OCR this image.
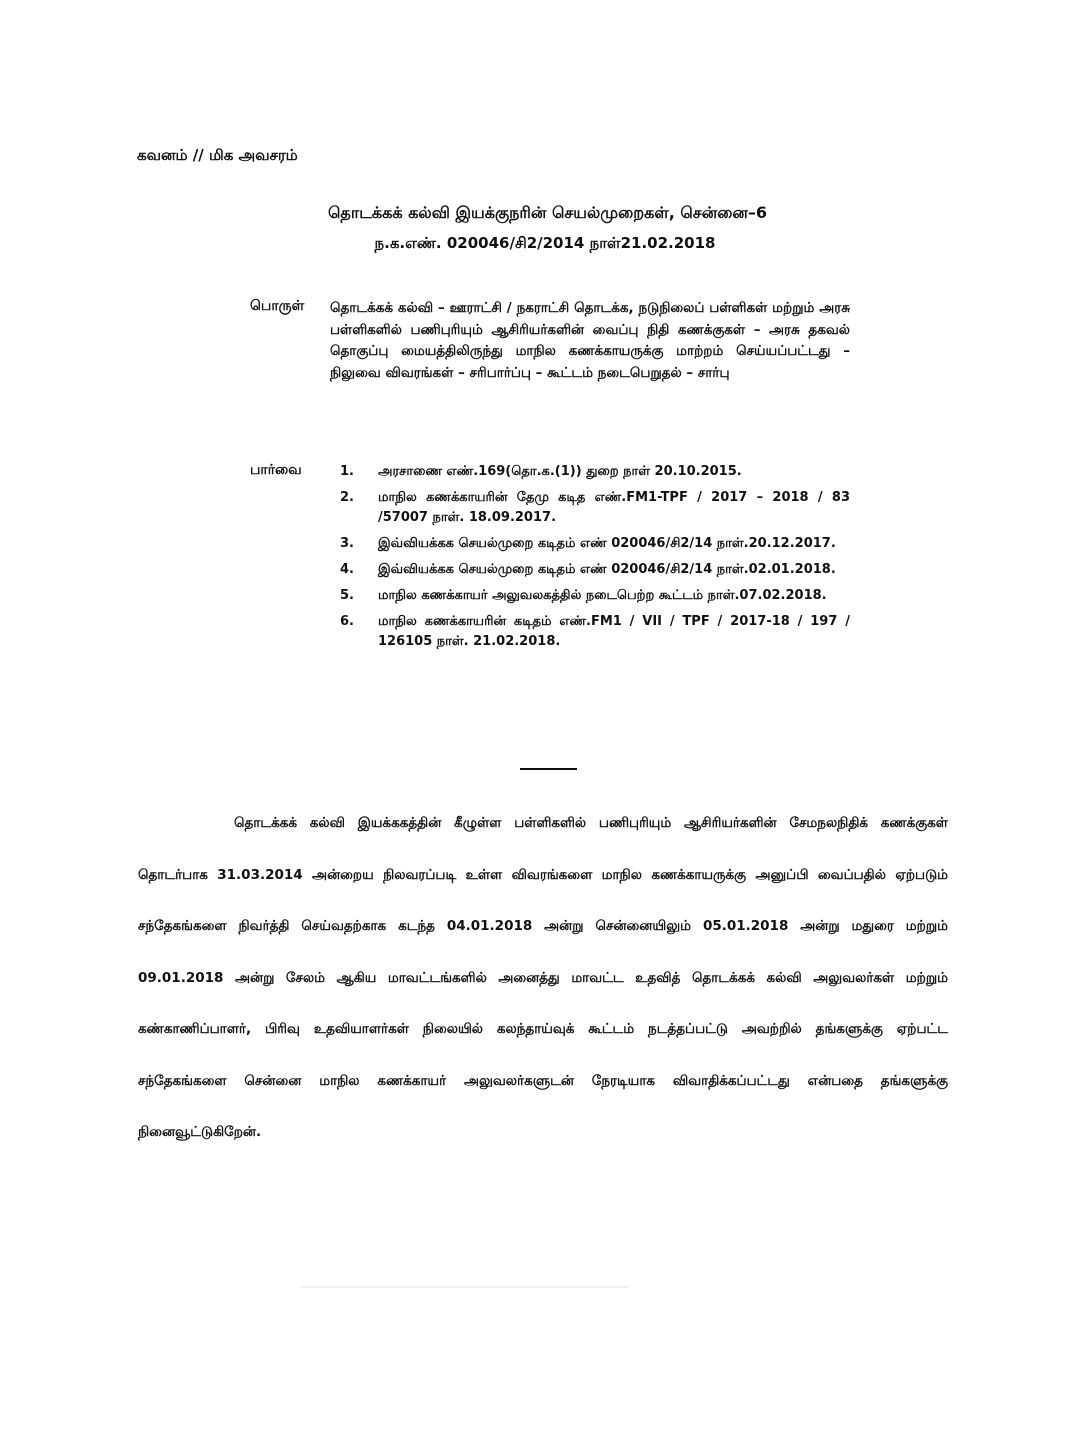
கவனம் // மிக அவசரம்
தொடக்கக் கல்வி இயக்குநரின் செயல்முறைகள், சென்னை–6
ந.க.எண். 020046/சி2/2014 நாள்21.02.2018
பொருள்	தொடக்கக் கல்வி – ஊராட்சி / நகராட்சி தொடக்க, நடுநிலைப் பள்ளிகள் மற்றும் அரசு பள்ளிகளில் பணிபுரியும் ஆசிரியர்களின் வைப்பு நிதி கணக்குகள் – அரசு தகவல் தொகுப்பு மையத்திலிருந்து மாநில கணக்காயருக்கு மாற்றம் செய்யப்பட்டது – நிலுவை விவரங்கள் – சரிபார்ப்பு – கூட்டம் நடைபெறுதல் – சார்பு
பார்வை	1.	அரசாணை எண்.169(தொ.க.(1)) துறை நாள் 20.10.2015.
2.	மாநில கணக்காயரின் தேமு கடித எண்.FM1-TPF / 2017 – 2018 / 83 /57007 நாள். 18.09.2017.
3.	இவ்வியக்கக செயல்முறை கடிதம் எண் 020046/சி2/14 நாள்.20.12.2017.
4.	இவ்வியக்கக செயல்முறை கடிதம் எண் 020046/சி2/14 நாள்.02.01.2018.
5.	மாநில கணக்காயர் அலுவலகத்தில் நடைபெற்ற கூட்டம் நாள்.07.02.2018.
6.	மாநில கணக்காயரின் கடிதம் எண்.FM1 / VII / TPF / 2017-18 / 197 / 126105 நாள். 21.02.2018.
தொடக்கக் கல்வி இயக்ககத்தின் கீழுள்ள பள்ளிகளில் பணிபுரியும் ஆசிரியர்களின் சேமநலநிதிக் கணக்குகள் தொடர்பாக 31.03.2014 அன்றைய நிலவரப்படி உள்ள விவரங்களை மாநில கணக்காயருக்கு அனுப்பி வைப்பதில் ஏற்படும் சந்தேகங்களை நிவர்த்தி செய்வதற்காக கடந்த 04.01.2018 அன்று சென்னையிலும் 05.01.2018 அன்று மதுரை மற்றும் 09.01.2018 அன்று சேலம் ஆகிய மாவட்டங்களில் அனைத்து மாவட்ட உதவித் தொடக்கக் கல்வி அலுவலர்கள் மற்றும் கண்காணிப்பாளர், பிரிவு உதவியாளர்கள் நிலையில் கலந்தாய்வுக் கூட்டம் நடத்தப்பட்டு அவற்றில் தங்களுக்கு ஏற்பட்ட சந்தேகங்களை சென்னை மாநில கணக்காயர் அலுவலர்களுடன் நேரடியாக விவாதிக்கப்பட்டது என்பதை தங்களுக்கு நினைவூட்டுகிறேன்.
